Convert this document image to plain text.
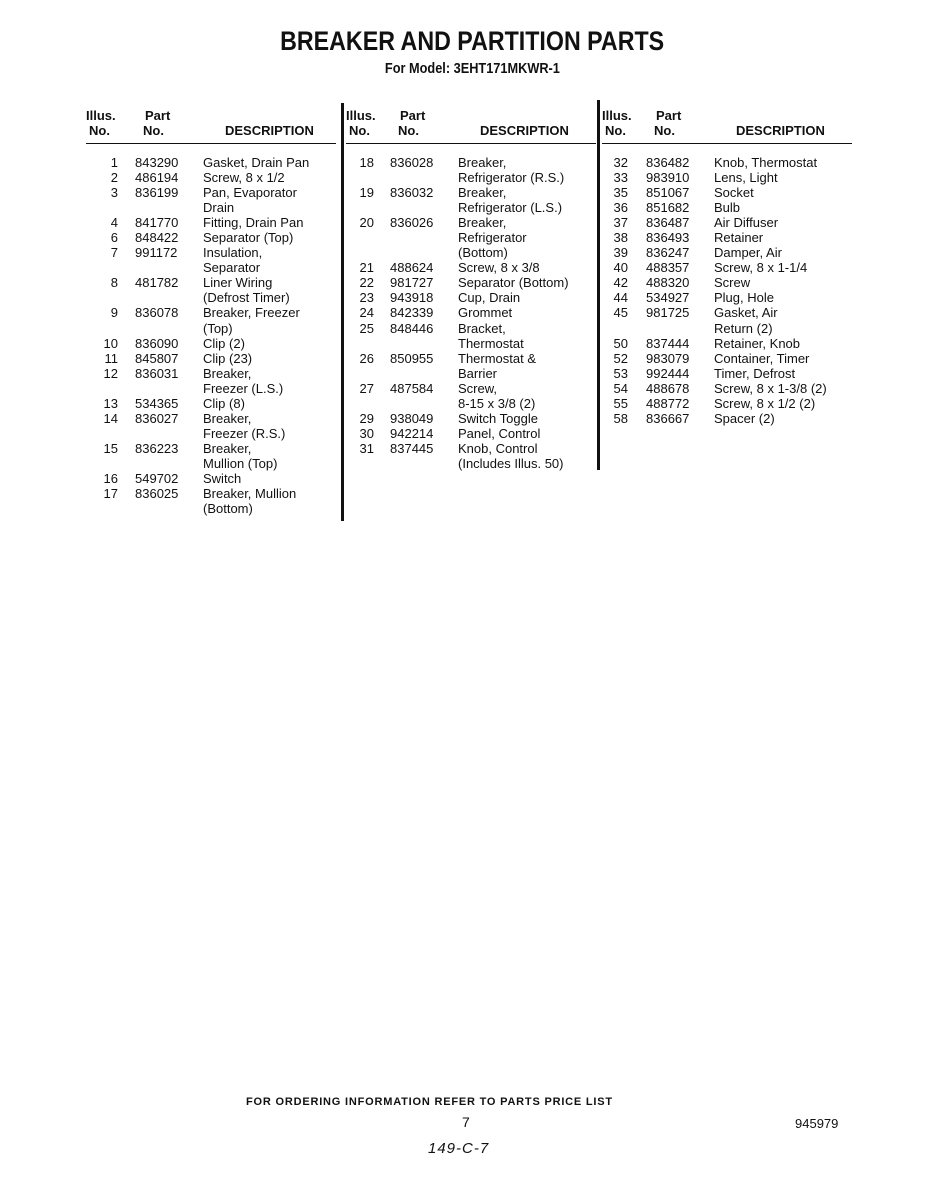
BREAKER AND PARTITION PARTS
For Model: 3EHT171MKWR-1
Illus.
No.
Part
No.	DESCRIPTION
1 843290 Gasket, Drain Pan
2 486194 Screw, 8 x 1/2
3 836199 Pan, Evaporator
Drain
4 841770 Fitting, Drain Pan
6 848422 Separator (Top)
7 991172 Insulation,
Separator
8 481782 Liner Wiring
(Defrost Timer)
9 836078 Breaker, Freezer
(Top)
10 836090 Clip (2)
11 845807 Clip (23)
12 836031 Breaker,
Freezer (L.S.)
13 534365 Clip (8)
14 836027 Breaker,
Freezer (R.S.)
15 836223 Breaker,
Mullion (Top)
16 549702 Switch
17 836025 Breaker, Mullion
(Bottom)
Illus.
No.
Part
No.	DESCRIPTION
18 836028 Breaker,
Refrigerator (R.S.)
19 836032 Breaker,
Refrigerator (L.S.)
20 836026 Breaker,
Refrigerator
(Bottom)
21 488624 Screw, 8 x 3/8
22 981727 Separator (Bottom)
23 943918 Cup, Drain
24 842339 Grommet
25 848446 Bracket,
Thermostat
26 850955 Thermostat &
Barrier
27 487584 Screw,
8-15 x 3/8 (2)
29 938049 Switch Toggle
30 942214 Panel, Control
31 837445 Knob, Control
(Includes Illus. 50)
Illus.
No.
Part
No.	DESCRIPTION
32 836482 Knob, Thermostat
33 983910 Lens, Light
35 851067 Socket
36 851682 Bulb
37 836487 Air Diffuser
38 836493 Retainer
39 836247 Damper, Air
40 488357 Screw, 8 x 1-1/4
42 488320 Screw
44 534927 Plug, Hole
45 981725 Gasket, Air
Return (2)
50 837444 Retainer, Knob
52 983079 Container, Timer
53 992444 Timer, Defrost
54 488678 Screw, 8 x 1-3/8 (2)
55 488772 Screw, 8 x 1/2 (2)
58 836667 Spacer (2)
FOR ORDERING INFORMATION REFER TO PARTS PRICE LIST
7	945979
149-C-7
